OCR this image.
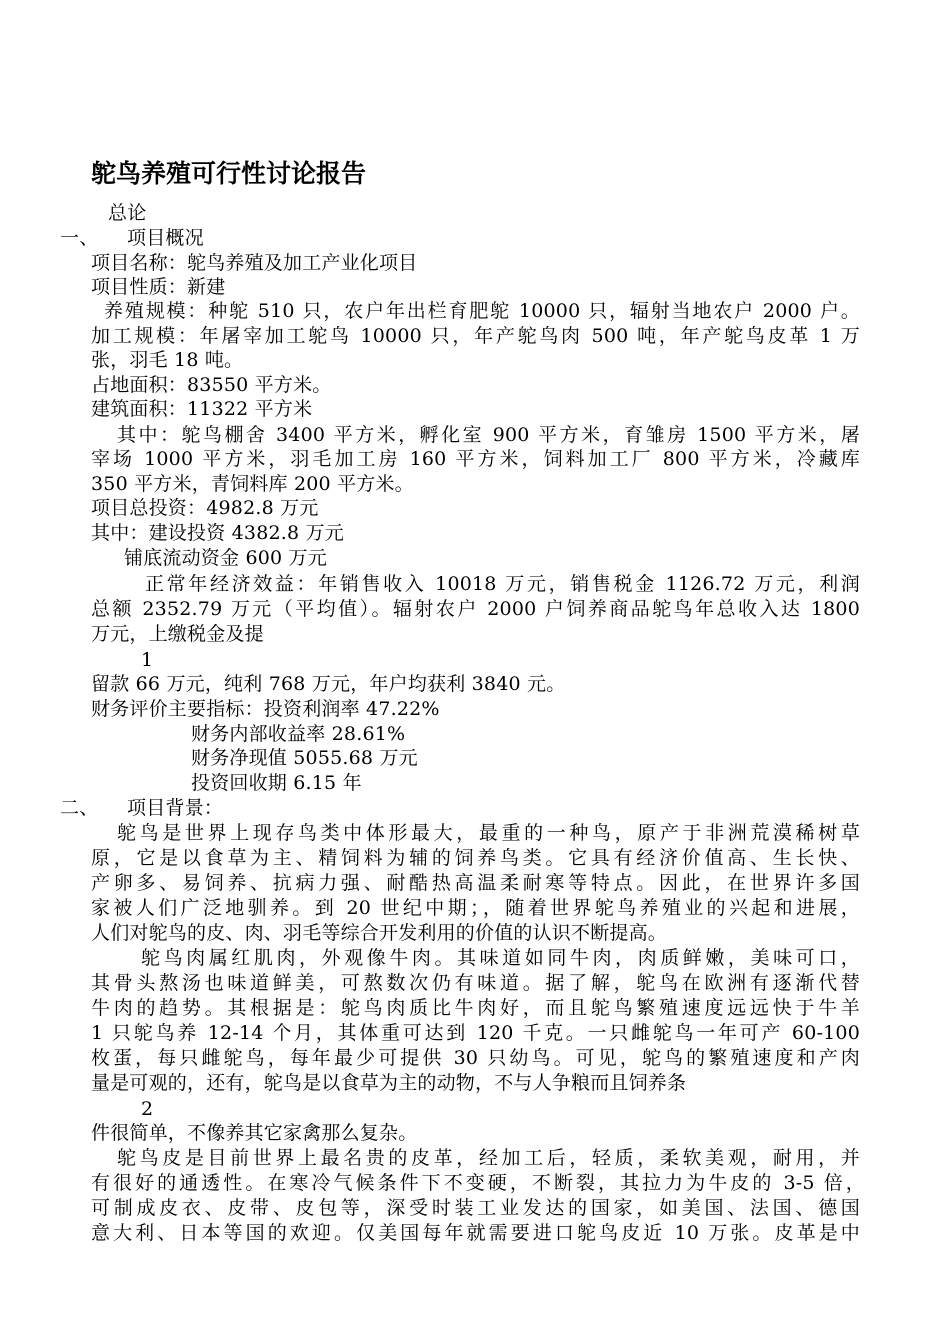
鸵鸟养殖可行性讨论报告
总论
一、 项目概况
项目名称：鸵鸟养殖及加工产业化项目
项目性质：新建
养殖规模：种鸵 510 只，农户年出栏育肥鸵 10000 只，辐射当地农户 2000 户。
加工规模：年屠宰加工鸵鸟 10000 只，年产鸵鸟肉 500 吨，年产鸵鸟皮革 1 万
张，羽毛 18 吨。
占地面积：83550 平方米。
建筑面积：11322 平方米
其中：鸵鸟棚舍 3400 平方米，孵化室 900 平方米，育雏房 1500 平方米，屠
宰场 1000 平方米，羽毛加工房 160 平方米，饲料加工厂 800 平方米，冷藏库
350 平方米，青饲料库 200 平方米。
项目总投资：4982.8 万元
其中：建设投资 4382.8 万元
铺底流动资金 600 万元
正常年经济效益：年销售收入 10018 万元，销售税金 1126.72 万元，利润
总额 2352.79 万元（平均值）。辐射农户 2000 户饲养商品鸵鸟年总收入达 1800
万元，上缴税金及提
1
留款 66 万元，纯利 768 万元，年户均获利 3840 元。
财务评价主要指标：投资利润率 47.22%
财务内部收益率 28.61%
财务净现值 5055.68 万元
投资回收期 6.15 年
二、 项目背景：
鸵鸟是世界上现存鸟类中体形最大，最重的一种鸟，原产于非洲荒漠稀树草
原，它是以食草为主、精饲料为辅的饲养鸟类。它具有经济价值高、生长快、
产卵多、易饲养、抗病力强、耐酷热高温柔耐寒等特点。因此，在世界许多国
家被人们广泛地驯养。到 20 世纪中期；，随着世界鸵鸟养殖业的兴起和进展，
人们对鸵鸟的皮、肉、羽毛等综合开发利用的价值的认识不断提高。
鸵鸟肉属红肌肉，外观像牛肉。其味道如同牛肉，肉质鲜嫩，美味可口，
其骨头熬汤也味道鲜美，可熬数次仍有味道。据了解，鸵鸟在欧洲有逐渐代替
牛肉的趋势。其根据是：鸵鸟肉质比牛肉好，而且鸵鸟繁殖速度远远快于牛羊
1 只鸵鸟养 12-14 个月，其体重可达到 120 千克。一只雌鸵鸟一年可产 60-100
枚蛋，每只雌鸵鸟，每年最少可提供 30 只幼鸟。可见，鸵鸟的繁殖速度和产肉
量是可观的，还有，鸵鸟是以食草为主的动物，不与人争粮而且饲养条
2
件很简单，不像养其它家禽那么复杂。
鸵鸟皮是目前世界上最名贵的皮革，经加工后，轻质，柔软美观，耐用，并
有很好的通透性。在寒冷气候条件下不变硬，不断裂，其拉力为牛皮的 3-5 倍，
可制成皮衣、皮带、皮包等，深受时装工业发达的国家，如美国、法国、德国
意大利、日本等国的欢迎。仅美国每年就需要进口鸵鸟皮近 10 万张。皮革是中
